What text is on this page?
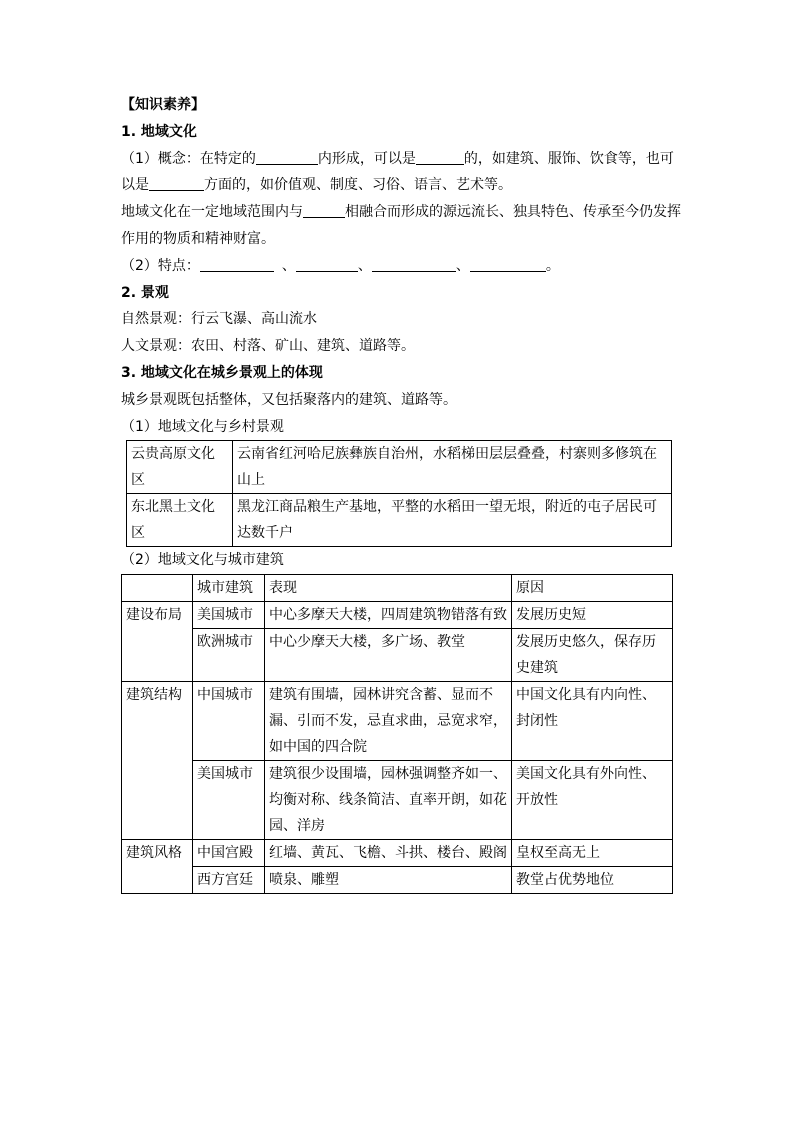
【知识素养】
1. 地域文化
（1）概念：在特定的	内形成，可以是	的，如建筑、服饰、饮食等，也可
以是	方面的，如价值观、制度、习俗、语言、艺术等。
地域文化在一定地域范围内与	相融合而形成的源远流长、独具特色、传承至今仍发挥
作用的物质和精神财富。
（2）特点：	、	、	、	。
2. 景观
自然景观：行云飞瀑、高山流水
人文景观：农田、村落、矿山、建筑、道路等。
3. 地域文化在城乡景观上的体现
城乡景观既包括整体，又包括聚落内的建筑、道路等。
（1）地域文化与乡村景观
云贵高原文化区	云南省红河哈尼族彝族自治州，水稻梯田层层叠叠，村寨则多修筑在山上
东北黑土文化区	黑龙江商品粮生产基地，平整的水稻田一望无垠，附近的屯子居民可达数千户
（2）地域文化与城市建筑
	城市建筑	表现	原因
建设布局	美国城市	中心多摩天大楼，四周建筑物错落有致	发展历史短
	欧洲城市	中心少摩天大楼，多广场、教堂	发展历史悠久，保存历史建筑
建筑结构	中国城市	建筑有围墙，园林讲究含蓄、显而不漏、引而不发，忌直求曲，忌宽求窄，如中国的四合院	中国文化具有内向性、封闭性
	美国城市	建筑很少设围墙，园林强调整齐如一、均衡对称、线条简洁、直率开朗，如花园、洋房	美国文化具有外向性、开放性
建筑风格	中国宫殿	红墙、黄瓦、飞檐、斗拱、楼台、殿阁	皇权至高无上
	西方宫廷	喷泉、雕塑	教堂占优势地位
